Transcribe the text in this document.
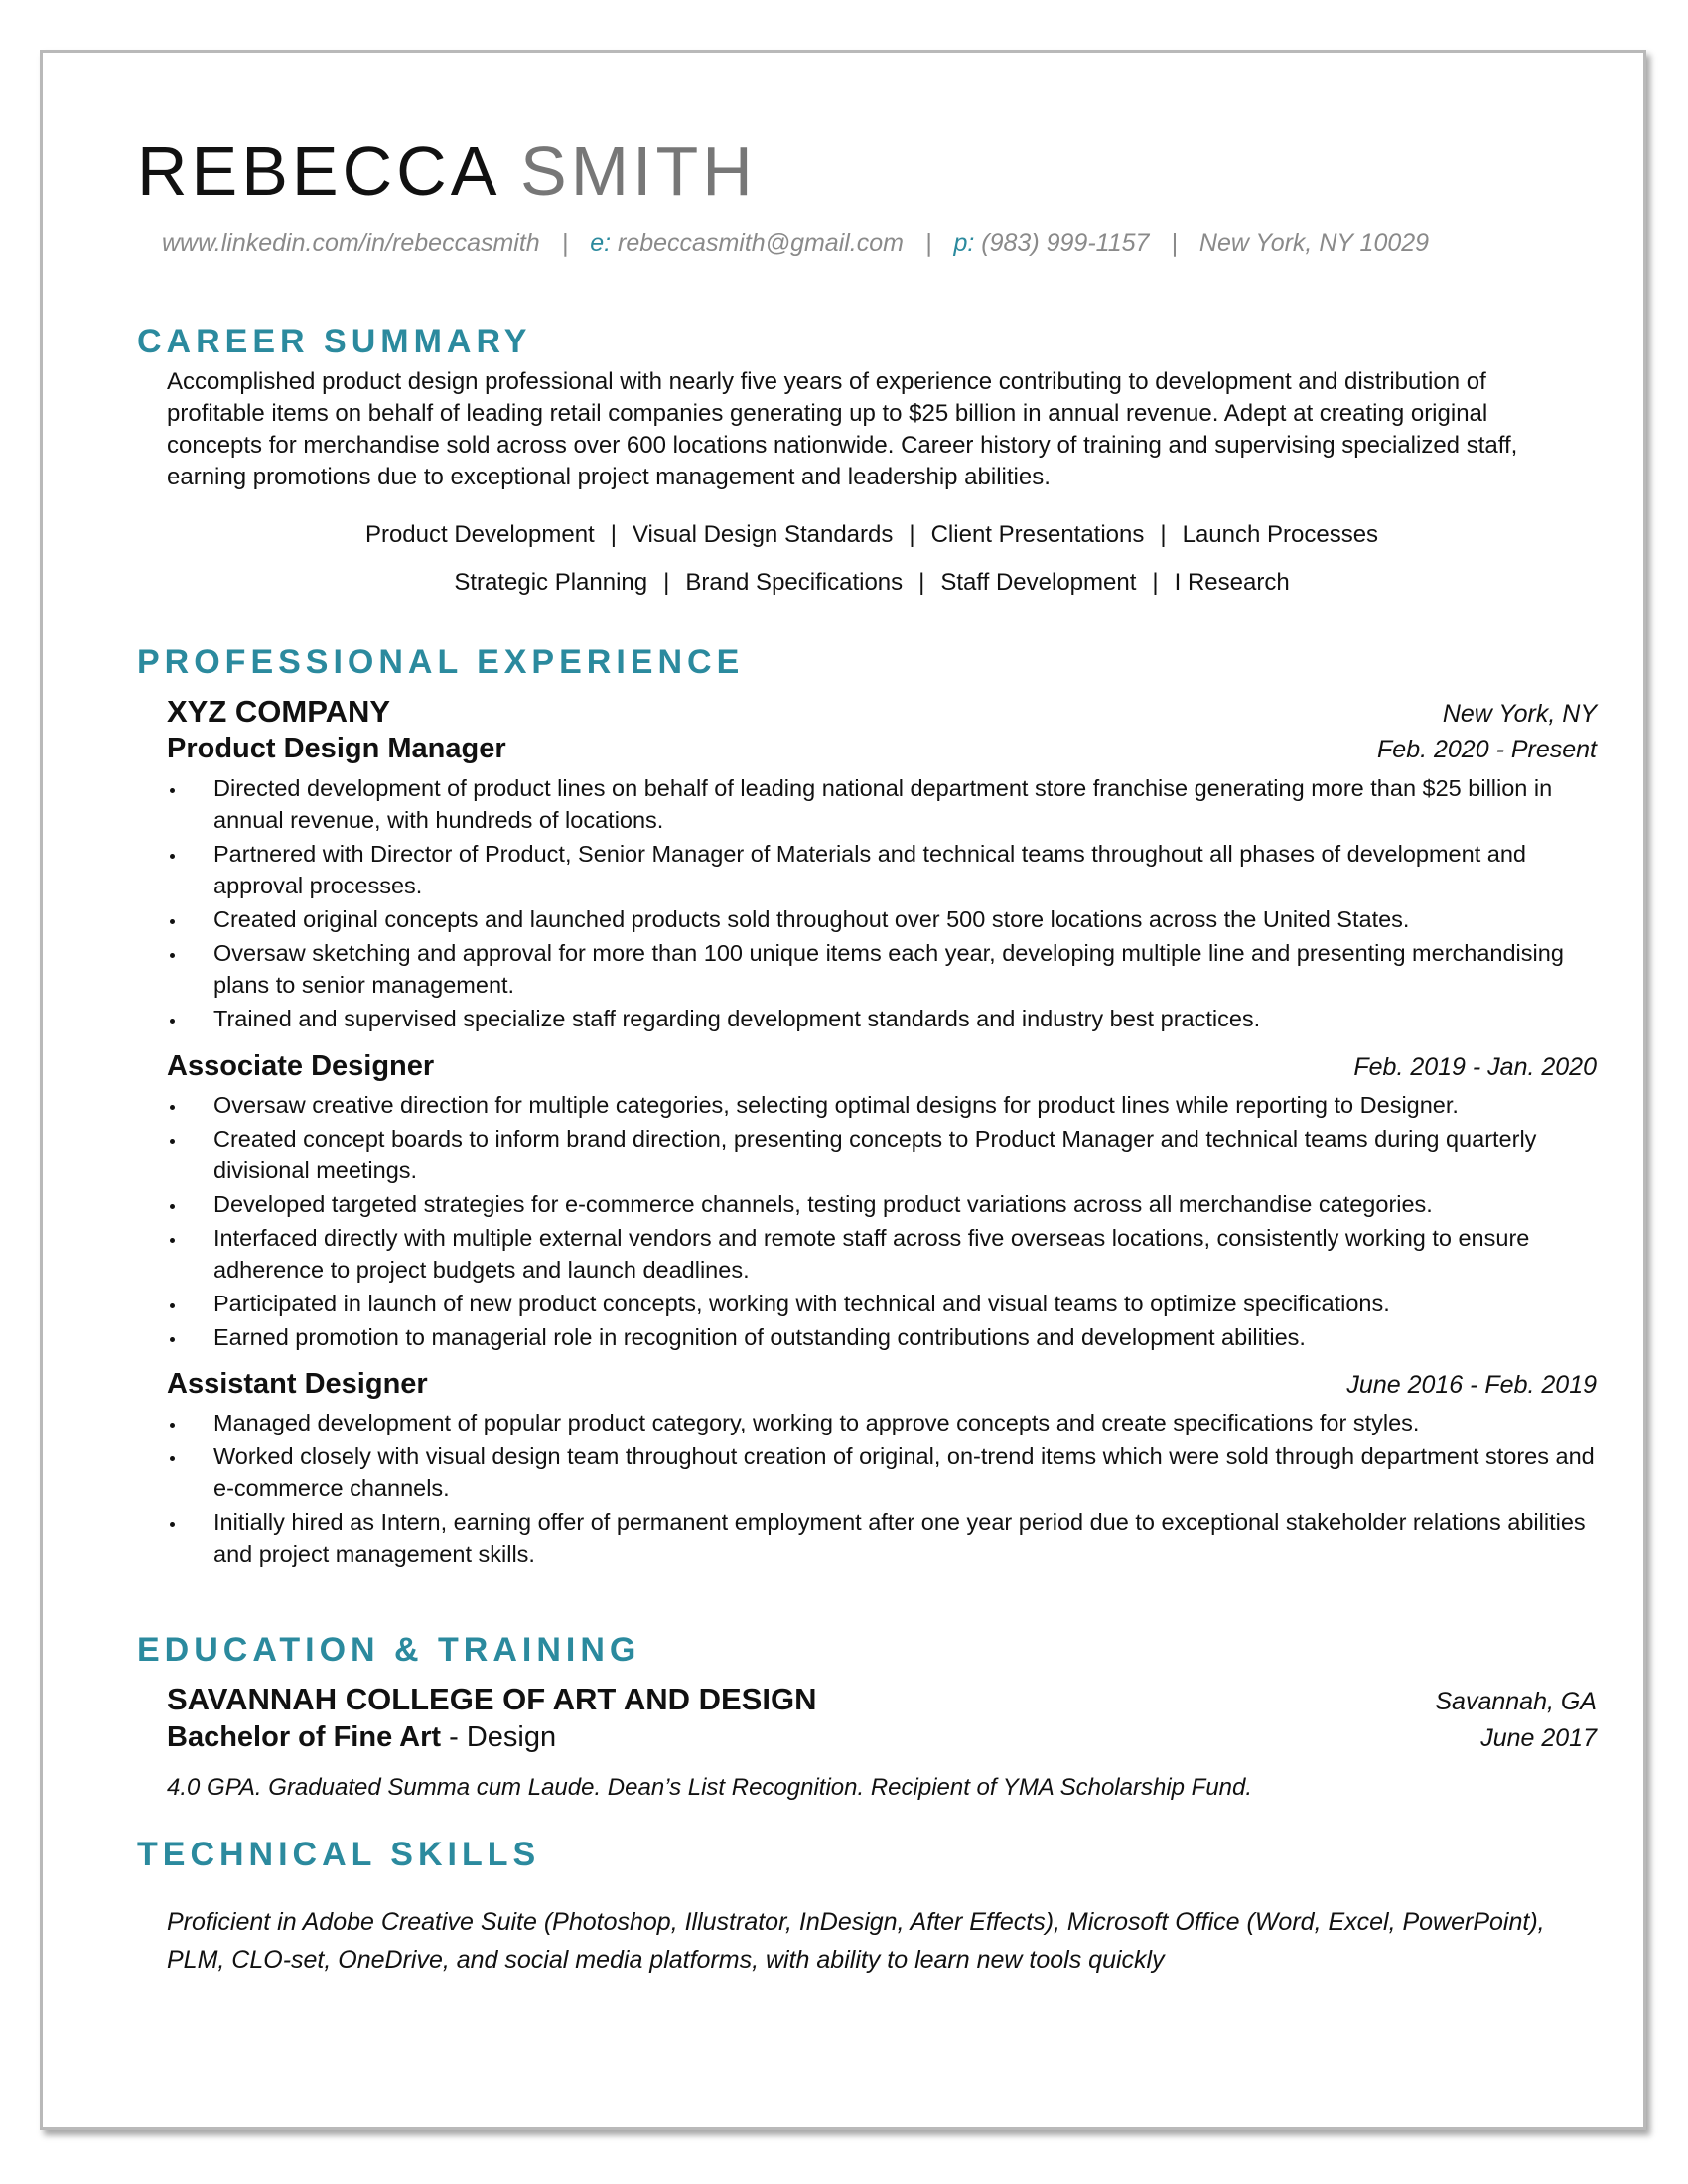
REBECCA SMITH
www.linkedin.com/in/rebeccasmith | e: rebeccasmith@gmail.com | p: (983) 999-1157 | New York, NY 10029
CAREER SUMMARY
Accomplished product design professional with nearly five years of experience contributing to development and distribution of profitable items on behalf of leading retail companies generating up to $25 billion in annual revenue. Adept at creating original concepts for merchandise sold across over 600 locations nationwide. Career history of training and supervising specialized staff, earning promotions due to exceptional project management and leadership abilities.
Product Development | Visual Design Standards | Client Presentations | Launch Processes
Strategic Planning | Brand Specifications | Staff Development | I Research
PROFESSIONAL EXPERIENCE
XYZ COMPANY	New York, NY
Product Design Manager	Feb. 2020 - Present
Directed development of product lines on behalf of leading national department store franchise generating more than $25 billion in annual revenue, with hundreds of locations.
Partnered with Director of Product, Senior Manager of Materials and technical teams throughout all phases of development and approval processes.
Created original concepts and launched products sold throughout over 500 store locations across the United States.
Oversaw sketching and approval for more than 100 unique items each year, developing multiple line and presenting merchandising plans to senior management.
Trained and supervised specialize staff regarding development standards and industry best practices.
Associate Designer	Feb. 2019 - Jan. 2020
Oversaw creative direction for multiple categories, selecting optimal designs for product lines while reporting to Designer.
Created concept boards to inform brand direction, presenting concepts to Product Manager and technical teams during quarterly divisional meetings.
Developed targeted strategies for e-commerce channels, testing product variations across all merchandise categories.
Interfaced directly with multiple external vendors and remote staff across five overseas locations, consistently working to ensure adherence to project budgets and launch deadlines.
Participated in launch of new product concepts, working with technical and visual teams to optimize specifications.
Earned promotion to managerial role in recognition of outstanding contributions and development abilities.
Assistant Designer	June 2016 - Feb. 2019
Managed development of popular product category, working to approve concepts and create specifications for styles.
Worked closely with visual design team throughout creation of original, on-trend items which were sold through department stores and e-commerce channels.
Initially hired as Intern, earning offer of permanent employment after one year period due to exceptional stakeholder relations abilities and project management skills.
EDUCATION & TRAINING
SAVANNAH COLLEGE OF ART AND DESIGN	Savannah, GA
Bachelor of Fine Art - Design	June 2017
4.0 GPA. Graduated Summa cum Laude. Dean’s List Recognition. Recipient of YMA Scholarship Fund.
TECHNICAL SKILLS
Proficient in Adobe Creative Suite (Photoshop, Illustrator, InDesign, After Effects), Microsoft Office (Word, Excel, PowerPoint), PLM, CLO-set, OneDrive, and social media platforms, with ability to learn new tools quickly
